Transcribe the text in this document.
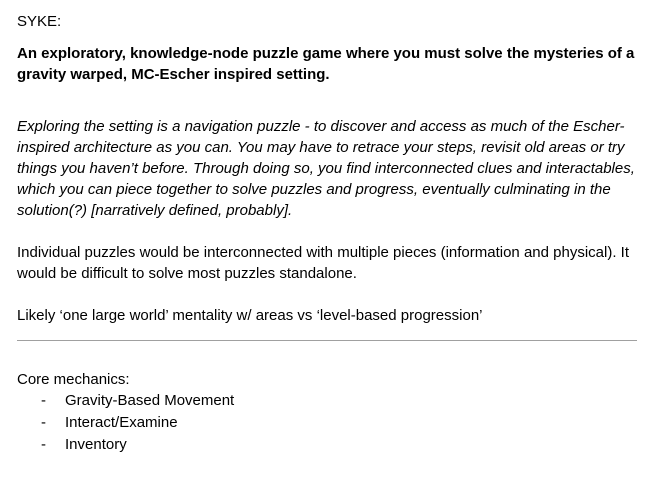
SYKE:

An exploratory, knowledge-node puzzle game where you must solve the mysteries of a gravity warped, MC-Escher inspired setting.

Exploring the setting is a navigation puzzle - to discover and access as much of the Escher-inspired architecture as you can. You may have to retrace your steps, revisit old areas or try things you haven’t before. Through doing so, you find interconnected clues and interactables, which you can piece together to solve puzzles and progress, eventually culminating in the solution(?) [narratively defined, probably].

Individual puzzles would be interconnected with multiple pieces (information and physical). It would be difficult to solve most puzzles standalone.

Likely ‘one large world’ mentality w/ areas vs ‘level-based progression’

Core mechanics:

- Gravity-Based Movement
- Interact/Examine
- Inventory
